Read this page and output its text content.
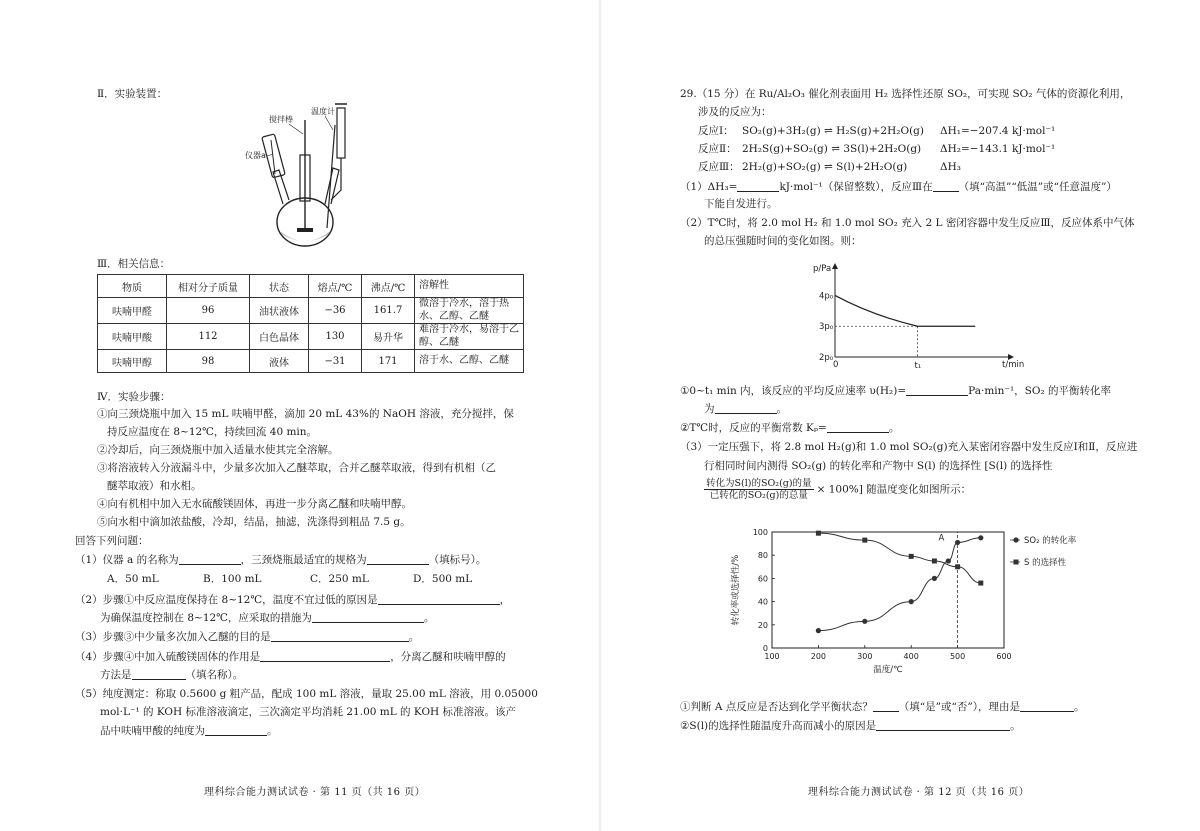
Ⅱ．实验装置：
搅拌棒
温度计
仪器a
Ⅲ．相关信息：
物质	相对分子质量	状态	熔点/℃	沸点/℃	溶解性
呋喃甲醛	96	油状液体	−36	161.7	微溶于冷水，溶于热水、乙醇、乙醚
呋喃甲酸	112	白色晶体	130	易升华	难溶于冷水，易溶于乙醇、乙醚
呋喃甲醇	98	液体	−31	171	溶于水、乙醇、乙醚
Ⅳ．实验步骤：
①向三颈烧瓶中加入 15 mL 呋喃甲醛，滴加 20 mL 43%的 NaOH 溶液，充分搅拌，保
持反应温度在 8~12℃，持续回流 40 min。
②冷却后，向三颈烧瓶中加入适量水使其完全溶解。
③将溶液转入分液漏斗中，少量多次加入乙醚萃取，合并乙醚萃取液，得到有机相（乙
醚萃取液）和水相。
④向有机相中加入无水硫酸镁固体，再进一步分离乙醚和呋喃甲醇。
⑤向水相中滴加浓盐酸，冷却，结晶，抽滤，洗涤得到粗品 7.5 g。
回答下列问题：
（1）仪器 a 的名称为	，三颈烧瓶最适宜的规格为	（填标号）。
A．50 mL	B．100 mL	C．250 mL	D．500 mL
（2）步骤①中反应温度保持在 8~12℃，温度不宜过低的原因是	，
为确保温度控制在 8~12℃，应采取的措施为	。
（3）步骤③中少量多次加入乙醚的目的是	。
（4）步骤④中加入硫酸镁固体的作用是	，分离乙醚和呋喃甲醇的
方法是	（填名称）。
（5）纯度测定：称取 0.5600 g 粗产品，配成 100 mL 溶液，量取 25.00 mL 溶液，用 0.05000
mol·L⁻¹ 的 KOH 标准溶液滴定，三次滴定平均消耗 21.00 mL 的 KOH 标准溶液。该产
品中呋喃甲酸的纯度为	。
理科综合能力测试试卷 · 第 11 页（共 16 页）
29.（15 分）在 Ru/Al₂O₃ 催化剂表面用 H₂ 选择性还原 SO₂，可实现 SO₂ 气体的资源化利用，
涉及的反应为：
反应Ⅰ： SO₂(g)+3H₂(g) ⇌ H₂S(g)+2H₂O(g) ΔH₁=−207.4 kJ·mol⁻¹
反应Ⅱ： 2H₂S(g)+SO₂(g) ⇌ 3S(l)+2H₂O(g) ΔH₂=−143.1 kJ·mol⁻¹
反应Ⅲ： 2H₂(g)+SO₂(g) ⇌ S(l)+2H₂O(g)	ΔH₃
（1）ΔH₃=	kJ·mol⁻¹（保留整数），反应Ⅲ在 （填“高温”“低温”或“任意温度”）
下能自发进行。
（2）T℃时，将 2.0 mol H₂ 和 1.0 mol SO₂ 充入 2 L 密闭容器中发生反应Ⅲ，反应体系中气体
的总压强随时间的变化如图。则：
p/Pa
t/min
4p₀
3p₀
2p₀
0	t₁
①0~t₁ min 内，该反应的平均反应速率 υ(H₂)=	Pa·min⁻¹，SO₂ 的平衡转化率
为	。
②T℃时，反应的平衡常数 Kₚ=	。
（3）一定压强下，将 2.8 mol H₂(g)和 1.0 mol SO₂(g)充入某密闭容器中发生反应Ⅰ和Ⅱ，反应进
行相同时间内测得 SO₂(g) 的转化率和产物中 S(l) 的选择性 [S(l) 的选择性
转化为S(l)的SO₂(g)的量
已转化的SO₂(g)的总量
× 100%] 随温度变化如图所示：
100	200	300	400	500	600
0
20
40
60
80
100
温度/℃
转化率或选择性/%
A	SO₂ 的转化率
S 的选择性
①判断 A 点反应是否达到化学平衡状态？ （填“是”或“否”），理由是	。
②S(l)的选择性随温度升高而减小的原因是	。
理科综合能力测试试卷 · 第 12 页（共 16 页）
